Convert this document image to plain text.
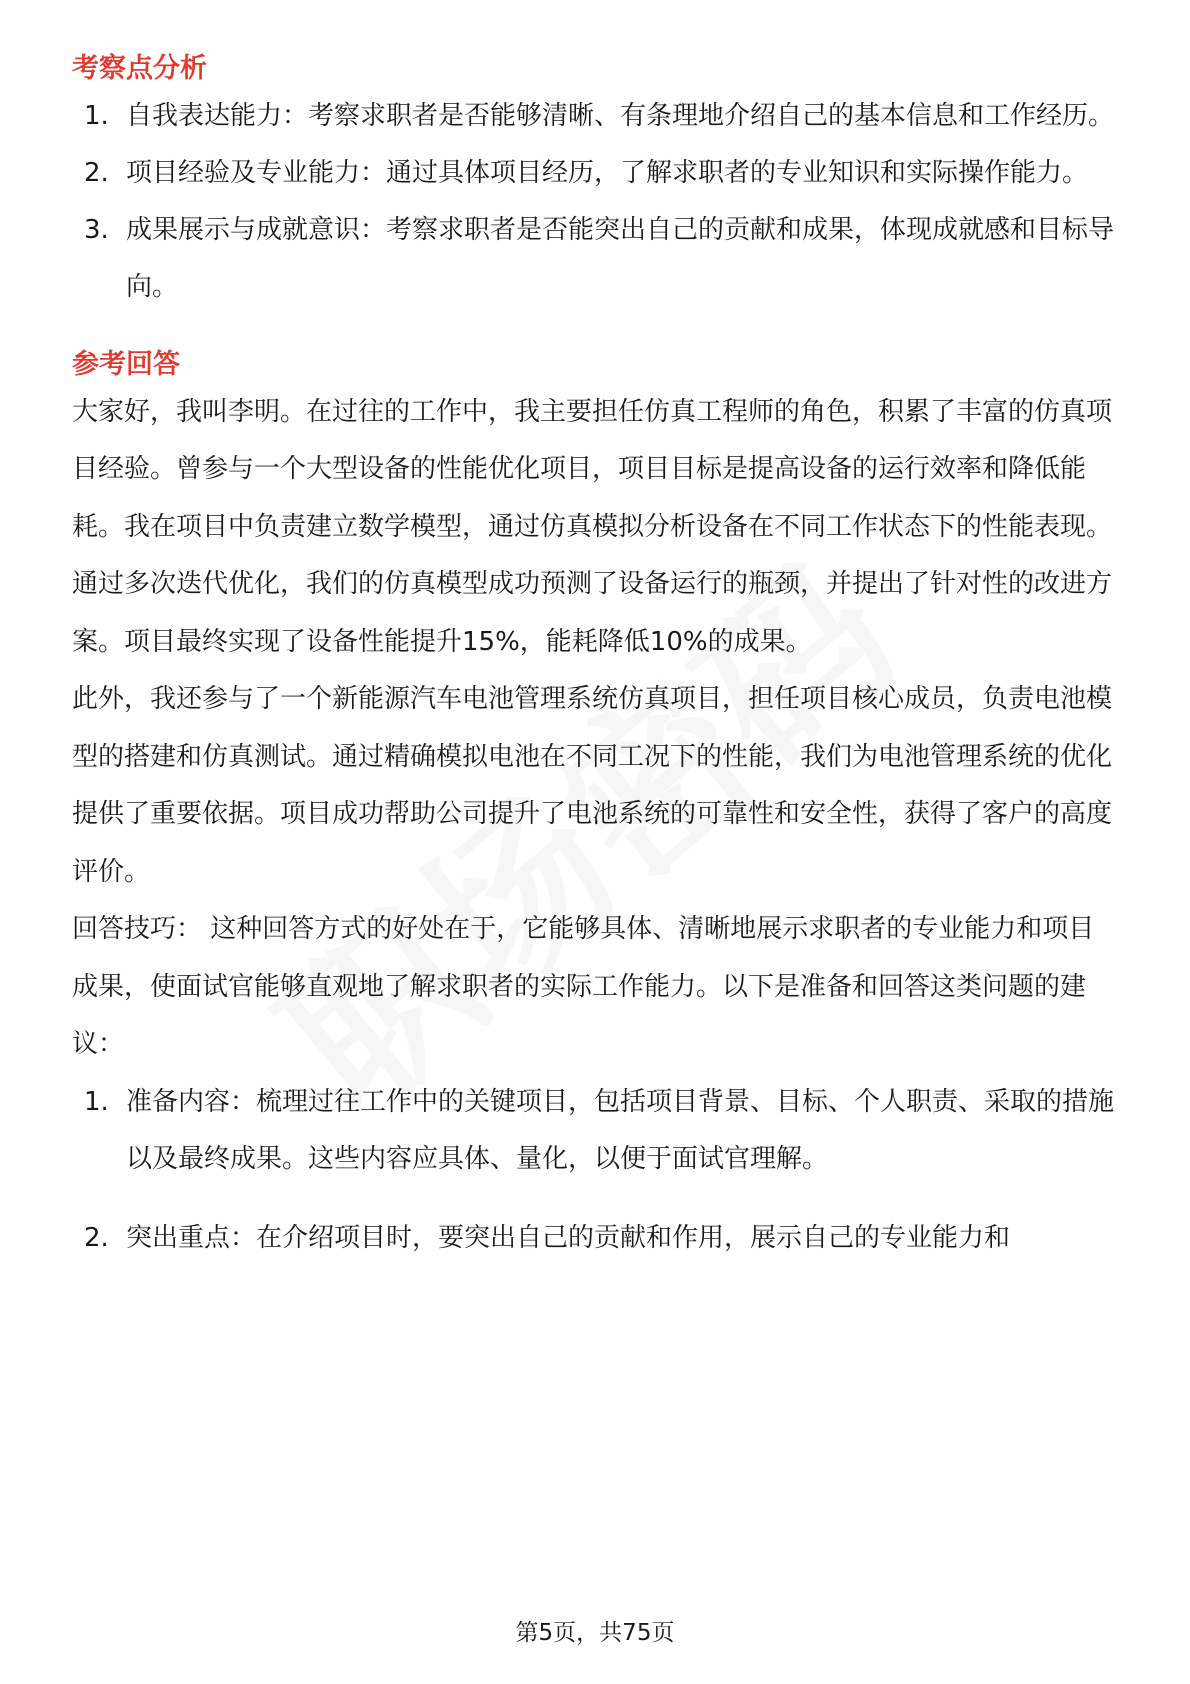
考察点分析
1. 自我表达能力：考察求职者是否能够清晰、有条理地介绍自己的基本信息和工作经历。
2. 项目经验及专业能力：通过具体项目经历，了解求职者的专业知识和实际操作能力。
3. 成果展示与成就意识：考察求职者是否能突出自己的贡献和成果，体现成就感和目标导向。
参考回答

大家好，我叫李明。在过往的工作中，我主要担任仿真工程师的角色，积累了丰富的仿真项目经验。曾参与一个大型设备的性能优化项目，项目目标是提高设备的运行效率和降低能耗。我在项目中负责建立数学模型，通过仿真模拟分析设备在不同工作状态下的性能表现。通过多次迭代优化，我们的仿真模型成功预测了设备运行的瓶颈，并提出了针对性的改进方案。项目最终实现了设备性能提升15%，能耗降低10%的成果。

此外，我还参与了一个新能源汽车电池管理系统仿真项目，担任项目核心成员，负责电池模型的搭建和仿真测试。通过精确模拟电池在不同工况下的性能，我们为电池管理系统的优化提供了重要依据。项目成功帮助公司提升了电池系统的可靠性和安全性，获得了客户的高度评价。

回答技巧： 这种回答方式的好处在于，它能够具体、清晰地展示求职者的专业能力和项目成果，使面试官能够直观地了解求职者的实际工作能力。以下是准备和回答这类问题的建议：

1. 准备内容：梳理过往工作中的关键项目，包括项目背景、目标、个人职责、采取的措施以及最终成果。这些内容应具体、量化，以便于面试官理解。
2. 突出重点：在介绍项目时，要突出自己的贡献和作用，展示自己的专业能力和
第5页，共75页
